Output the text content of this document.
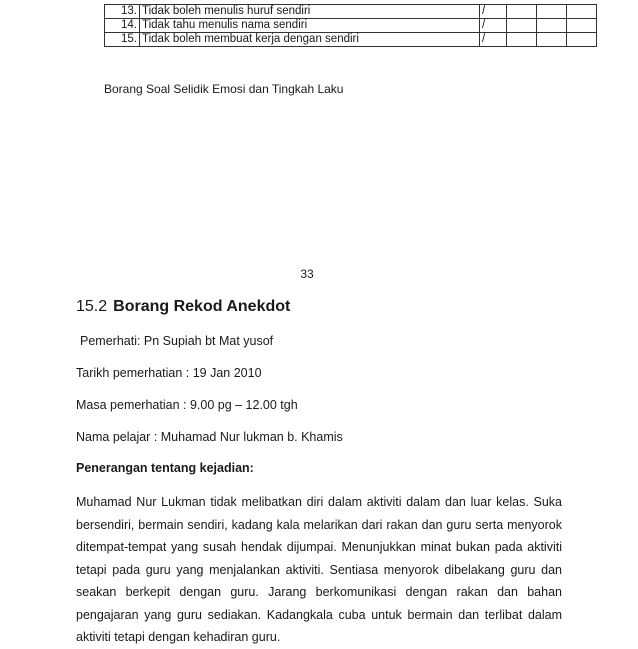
13.	Tidak boleh menulis huruf sendiri	/			
14.	Tidak tahu menulis nama sendiri	/			
15.	Tidak boleh membuat kerja dengan sendiri	/			
Borang Soal Selidik Emosi dan Tingkah Laku
33
15.2 Borang Rekod Anekdot
Pemerhati: Pn Supiah bt Mat yusof
Tarikh pemerhatian : 19 Jan 2010
Masa pemerhatian : 9.00 pg – 12.00 tgh
Nama pelajar : Muhamad Nur lukman b. Khamis
Penerangan tentang kejadian:
Muhamad Nur Lukman tidak melibatkan diri dalam aktiviti dalam dan luar kelas. Suka
bersendiri, bermain sendiri, kadang kala melarikan dari rakan dan guru serta menyorok
ditempat-tempat yang susah hendak dijumpai. Menunjukkan minat bukan pada aktiviti
tetapi pada guru yang menjalankan aktiviti. Sentiasa menyorok dibelakang guru dan
seakan berkepit dengan guru. Jarang berkomunikasi dengan rakan dan bahan
pengajaran yang guru sediakan. Kadangkala cuba untuk bermain dan terlibat dalam
aktiviti tetapi dengan kehadiran guru.
